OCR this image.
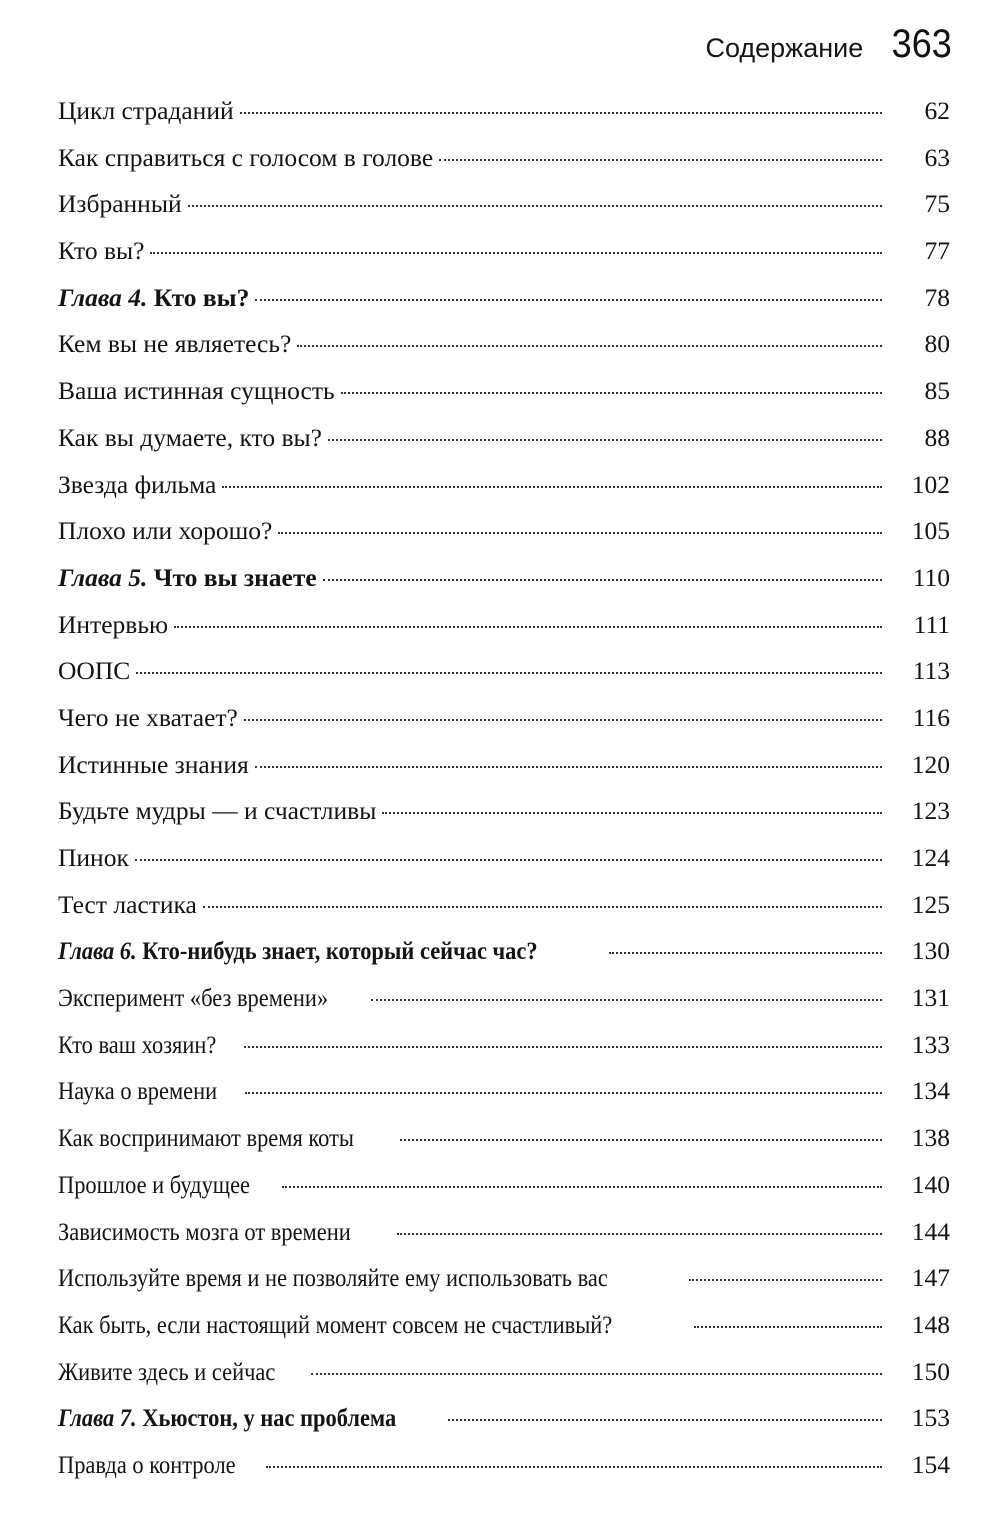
Содержание 363
Цикл страданий	62
Как справиться с голосом в голове	63
Избранный	75
Кто вы?	77
Глава 4. Кто вы?	78
Кем вы не являетесь?	80
Ваша истинная сущность	85
Как вы думаете, кто вы?	88
Звезда фильма	102
Плохо или хорошо?	105
Глава 5. Что вы знаете	110
Интервью	111
ООПС	113
Чего не хватает?	116
Истинные знания	120
Будьте мудры — и счастливы	123
Пинок	124
Тест ластика	125
Глава 6. Кто-нибудь знает, который сейчас час?	130
Эксперимент «без времени»	131
Кто ваш хозяин?	133
Наука о времени	134
Как воспринимают время коты	138
Прошлое и будущее	140
Зависимость мозга от времени	144
Используйте время и не позволяйте ему использовать вас	147
Как быть, если настоящий момент совсем не счастливый?	148
Живите здесь и сейчас	150
Глава 7. Хьюстон, у нас проблема	153
Правда о контроле	154
